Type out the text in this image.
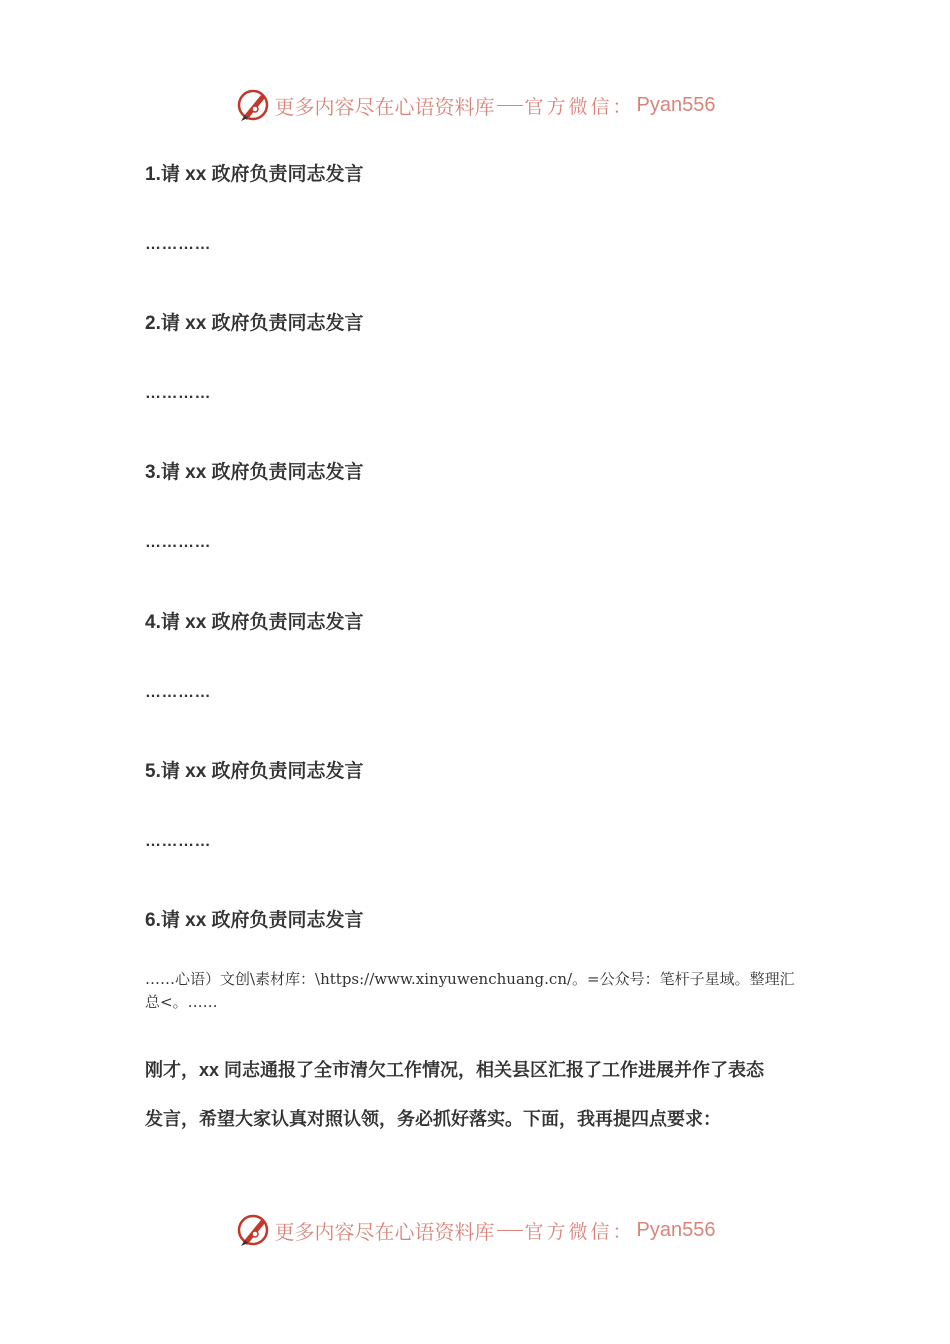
更多内容尽在心语资料库 官方微信： Pyan556
1.请 xx 政府负责同志发言
…………
2.请 xx 政府负责同志发言
…………
3.请 xx 政府负责同志发言
…………
4.请 xx 政府负责同志发言
…………
5.请 xx 政府负责同志发言
…………
6.请 xx 政府负责同志发言
……心语）文创\素材库：\https://www.xinyuwenchuang.cn/。=公众号：笔杆子星域。整理汇
总<。……
刚才，xx 同志通报了全市清欠工作情况，相关县区汇报了工作进展并作了表态
发言，希望大家认真对照认领，务必抓好落实。下面，我再提四点要求：
更多内容尽在心语资料库 官方微信： Pyan556
